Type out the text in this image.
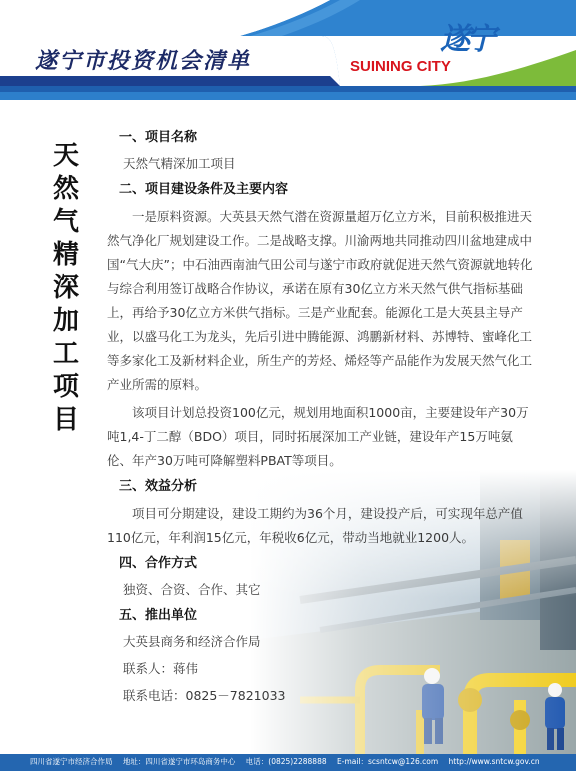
遂宁市投资机会清单	SUINING CITY
遂宁
天
然
气
精
深
加
工
项
目
一、项目名称
天然气精深加工项目
二、项目建设条件及主要内容
一是原料资源。大英县天然气潜在资源量超万亿立方米，目前积极推进天然气净化厂规划建设工作。二是战略支撑。川渝两地共同推动四川盆地建成中国“气大庆”；中石油西南油气田公司与遂宁市政府就促进天然气资源就地转化与综合利用签订战略合作协议，承诺在原有30亿立方米天然气供气指标基础上，再给予30亿立方米供气指标。三是产业配套。能源化工是大英县主导产业，以盛马化工为龙头，先后引进中腾能源、鸿鹏新材料、苏博特、蜜峰化工等多家化工及新材料企业，所生产的芳烃、烯烃等产品能作为发展天然气化工产业所需的原料。
该项目计划总投资100亿元，规划用地面积1000亩，主要建设年产30万吨1,4-丁二醇（BDO）项目，同时拓展深加工产业链，建设年产15万吨氨伦、年产30万吨可降解塑料PBAT等项目。
三、效益分析
项目可分期建设，建设工期约为36个月，建设投产后，可实现年总产值110亿元，年利润15亿元，年税收6亿元，带动当地就业1200人。
四、合作方式
独资、合资、合作、其它
五、推出单位
大英县商务和经济合作局
联系人：蒋伟
联系电话：0825－7821033
四川省遂宁市经济合作局 地址：四川省遂宁市环岛商务中心 电话：(0825)2288888 E-mail：scsntcw@126.com http://www.sntcw.gov.cn
